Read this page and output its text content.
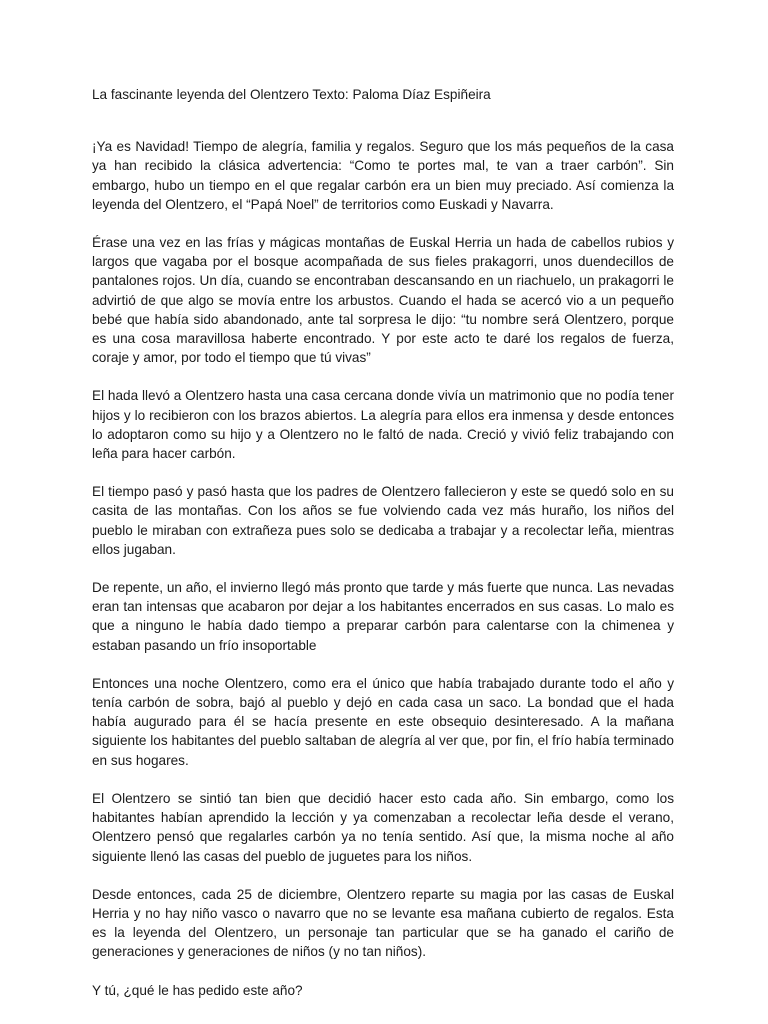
La fascinante leyenda del Olentzero Texto: Paloma Díaz Espiñeira

¡Ya es Navidad! Tiempo de alegría, familia y regalos. Seguro que los más pequeños de la casa ya han recibido la clásica advertencia: “Como te portes mal, te van a traer carbón”. Sin embargo, hubo un tiempo en el que regalar carbón era un bien muy preciado. Así comienza la leyenda del Olentzero, el “Papá Noel” de territorios como Euskadi y Navarra.

Érase una vez en las frías y mágicas montañas de Euskal Herria un hada de cabellos rubios y largos que vagaba por el bosque acompañada de sus fieles prakagorri, unos duendecillos de pantalones rojos. Un día, cuando se encontraban descansando en un riachuelo, un prakagorri le advirtió de que algo se movía entre los arbustos. Cuando el hada se acercó vio a un pequeño bebé que había sido abandonado, ante tal sorpresa le dijo: “tu nombre será Olentzero, porque es una cosa maravillosa haberte encontrado. Y por este acto te daré los regalos de fuerza, coraje y amor, por todo el tiempo que tú vivas”

El hada llevó a Olentzero hasta una casa cercana donde vivía un matrimonio que no podía tener hijos y lo recibieron con los brazos abiertos. La alegría para ellos era inmensa y desde entonces lo adoptaron como su hijo y a Olentzero no le faltó de nada. Creció y vivió feliz trabajando con leña para hacer carbón.

El tiempo pasó y pasó hasta que los padres de Olentzero fallecieron y este se quedó solo en su casita de las montañas. Con los años se fue volviendo cada vez más huraño, los niños del pueblo le miraban con extrañeza pues solo se dedicaba a trabajar y a recolectar leña, mientras ellos jugaban.

De repente, un año, el invierno llegó más pronto que tarde y más fuerte que nunca. Las nevadas eran tan intensas que acabaron por dejar a los habitantes encerrados en sus casas. Lo malo es que a ninguno le había dado tiempo a preparar carbón para calentarse con la chimenea y estaban pasando un frío insoportable

Entonces una noche Olentzero, como era el único que había trabajado durante todo el año y tenía carbón de sobra, bajó al pueblo y dejó en cada casa un saco. La bondad que el hada había augurado para él se hacía presente en este obsequio desinteresado. A la mañana siguiente los habitantes del pueblo saltaban de alegría al ver que, por fin, el frío había terminado en sus hogares.

El Olentzero se sintió tan bien que decidió hacer esto cada año. Sin embargo, como los habitantes habían aprendido la lección y ya comenzaban a recolectar leña desde el verano, Olentzero pensó que regalarles carbón ya no tenía sentido. Así que, la misma noche al año siguiente llenó las casas del pueblo de juguetes para los niños.

Desde entonces, cada 25 de diciembre, Olentzero reparte su magia por las casas de Euskal Herria y no hay niño vasco o navarro que no se levante esa mañana cubierto de regalos. Esta es la leyenda del Olentzero, un personaje tan particular que se ha ganado el cariño de generaciones y generaciones de niños (y no tan niños).

Y tú, ¿qué le has pedido este año?
